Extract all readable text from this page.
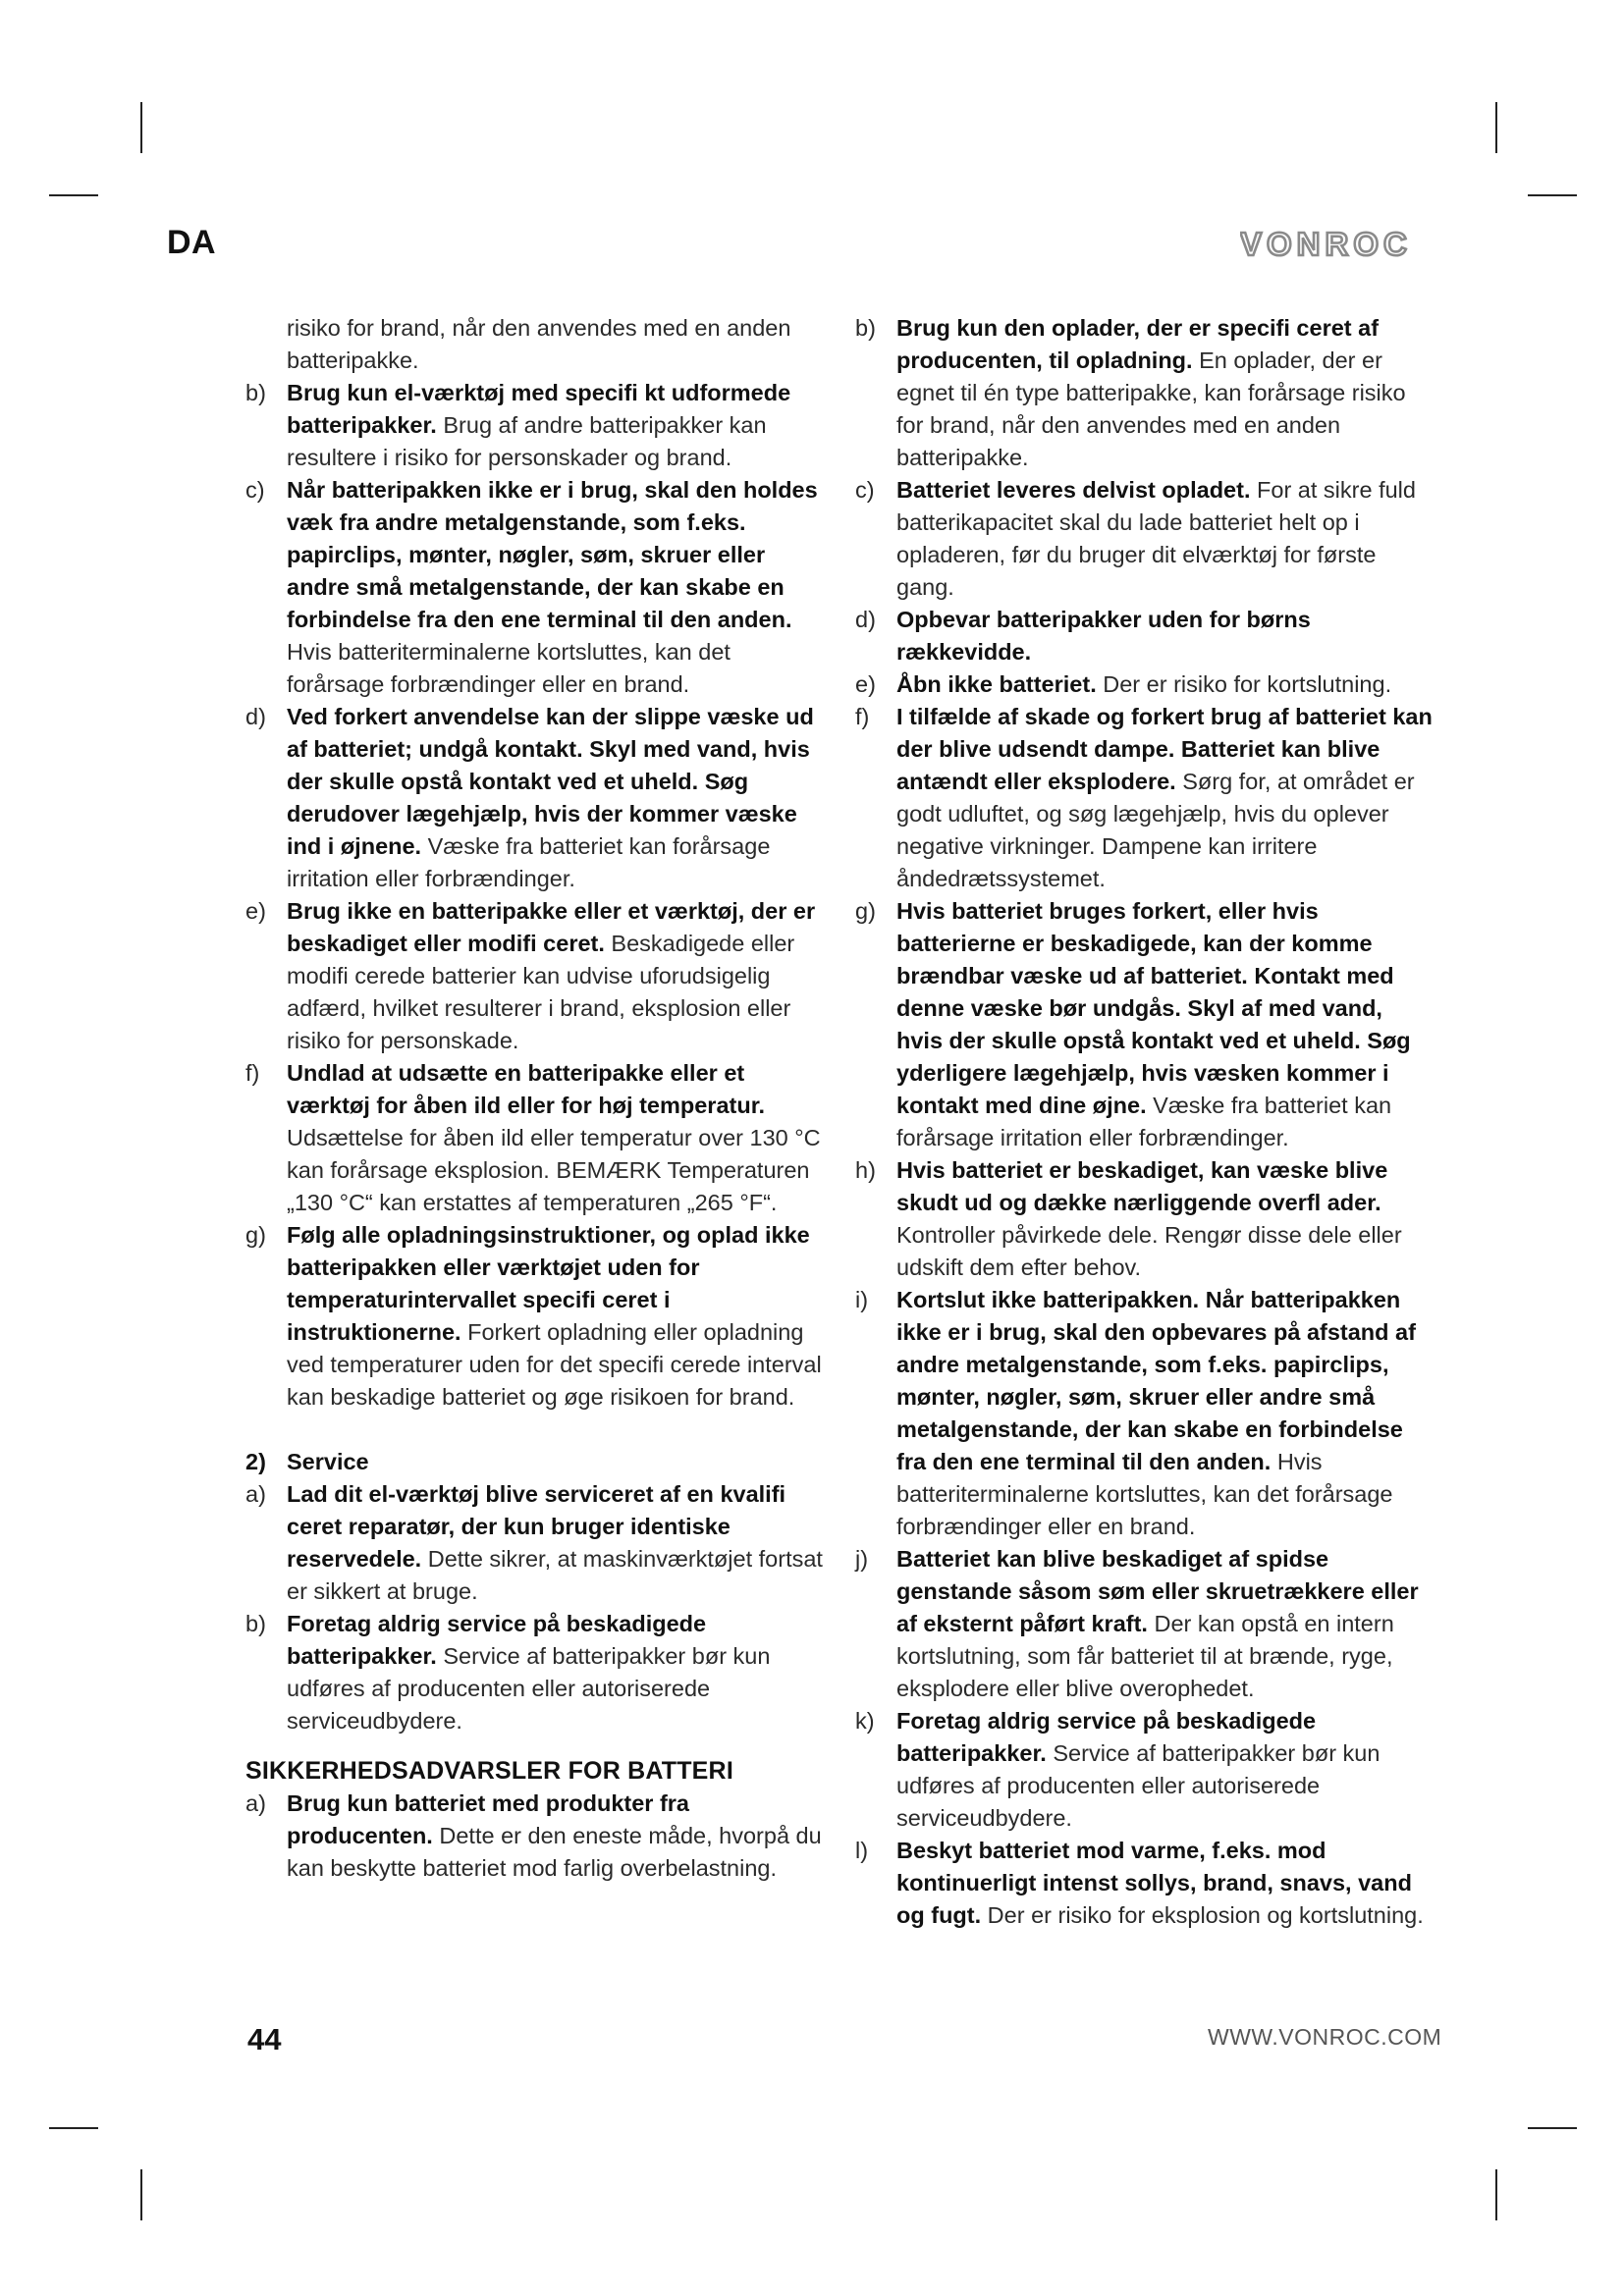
DA	VONROC
risiko for brand, når den anvendes med en anden batteripakke.
b) Brug kun el-værktøj med specifi kt udformede batteripakker. Brug af andre batteripakker kan resultere i risiko for personskader og brand.
c) Når batteripakken ikke er i brug, skal den holdes væk fra andre metalgenstande, som f.eks. papirclips, mønter, nøgler, søm, skruer eller andre små metalgenstande, der kan skabe en forbindelse fra den ene terminal til den anden. Hvis batteriterminalerne kortsluttes, kan det forårsage forbrændinger eller en brand.
d) Ved forkert anvendelse kan der slippe væske ud af batteriet; undgå kontakt. Skyl med vand, hvis der skulle opstå kontakt ved et uheld. Søg derudover lægehjælp, hvis der kommer væske ind i øjnene. Væske fra batteriet kan forårsage irritation eller forbrændinger.
e) Brug ikke en batteripakke eller et værktøj, der er beskadiget eller modifi ceret. Beskadigede eller modifi cerede batterier kan udvise uforudsigelig adfærd, hvilket resulterer i brand, eksplosion eller risiko for personskade.
f) Undlad at udsætte en batteripakke eller et værktøj for åben ild eller for høj temperatur. Udsættelse for åben ild eller temperatur over 130 °C kan forårsage eksplosion. BEMÆRK Temperaturen „130 °C“ kan erstattes af temperaturen „265 °F“.
g) Følg alle opladningsinstruktioner, og oplad ikke batteripakken eller værktøjet uden for temperaturintervallet specifi ceret i instruktionerne. Forkert opladning eller opladning ved temperaturer uden for det specifi cerede interval kan beskadige batteriet og øge risikoen for brand.
2) Service
a) Lad dit el-værktøj blive serviceret af en kvalifi ceret reparatør, der kun bruger identiske reservedele. Dette sikrer, at maskinværktøjet fortsat er sikkert at bruge.
b) Foretag aldrig service på beskadigede batteripakker. Service af batteripakker bør kun udføres af producenten eller autoriserede serviceudbydere.
SIKKERHEDSADVARSLER FOR BATTERI
a) Brug kun batteriet med produkter fra producenten. Dette er den eneste måde, hvorpå du kan beskytte batteriet mod farlig overbelastning.
b) Brug kun den oplader, der er specifi ceret af producenten, til opladning. En oplader, der er egnet til én type batteripakke, kan forårsage risiko for brand, når den anvendes med en anden batteripakke.
c) Batteriet leveres delvist opladet. For at sikre fuld batterikapacitet skal du lade batteriet helt op i opladeren, før du bruger dit elværktøj for første gang.
d) Opbevar batteripakker uden for børns rækkevidde.
e) Åbn ikke batteriet. Der er risiko for kortslutning.
f) I tilfælde af skade og forkert brug af batteriet kan der blive udsendt dampe. Batteriet kan blive antændt eller eksplodere. Sørg for, at området er godt udluftet, og søg lægehjælp, hvis du oplever negative virkninger. Dampene kan irritere åndedrætssystemet.
g) Hvis batteriet bruges forkert, eller hvis batterierne er beskadigede, kan der komme brændbar væske ud af batteriet. Kontakt med denne væske bør undgås. Skyl af med vand, hvis der skulle opstå kontakt ved et uheld. Søg yderligere lægehjælp, hvis væsken kommer i kontakt med dine øjne. Væske fra batteriet kan forårsage irritation eller forbrændinger.
h) Hvis batteriet er beskadiget, kan væske blive skudt ud og dække nærliggende overfl ader. Kontroller påvirkede dele. Rengør disse dele eller udskift dem efter behov.
i) Kortslut ikke batteripakken. Når batteripakken ikke er i brug, skal den opbevares på afstand af andre metalgenstande, som f.eks. papirclips, mønter, nøgler, søm, skruer eller andre små metalgenstande, der kan skabe en forbindelse fra den ene terminal til den anden. Hvis batteriterminalerne kortsluttes, kan det forårsage forbrændinger eller en brand.
j) Batteriet kan blive beskadiget af spidse genstande såsom søm eller skruetrækkere eller af eksternt påført kraft. Der kan opstå en intern kortslutning, som får batteriet til at brænde, ryge, eksplodere eller blive overophedet.
k) Foretag aldrig service på beskadigede batteripakker. Service af batteripakker bør kun udføres af producenten eller autoriserede serviceudbydere.
l) Beskyt batteriet mod varme, f.eks. mod kontinuerligt intenst sollys, brand, snavs, vand og fugt. Der er risiko for eksplosion og kortslutning.
44	WWW.VONROC.COM
